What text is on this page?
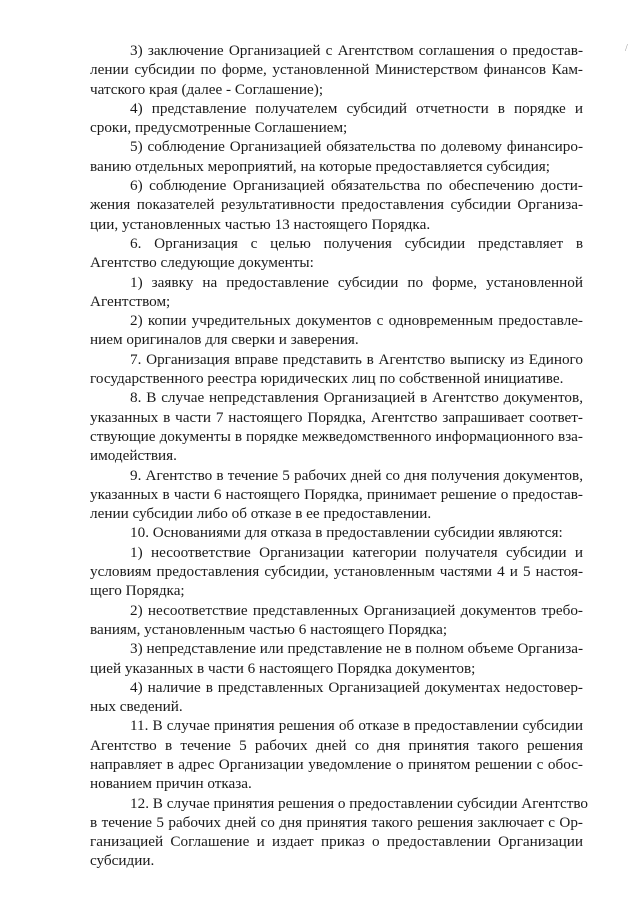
/
3) заключение Организацией с Агентством соглашения о предостав-
лении субсидии по форме, установленной Министерством финансов Кам-
чатского края (далее - Соглашение);
4) представление получателем субсидий отчетности в порядке и
сроки, предусмотренные Соглашением;
5) соблюдение Организацией обязательства по долевому финансиро-
ванию отдельных мероприятий, на которые предоставляется субсидия;
6) соблюдение Организацией обязательства по обеспечению дости-
жения показателей результативности предоставления субсидии Организа-
ции, установленных частью 13 настоящего Порядка.
6. Организация с целью получения субсидии представляет в
Агентство следующие документы:
1) заявку на предоставление субсидии по форме, установленной
Агентством;
2) копии учредительных документов с одновременным предоставле-
нием оригиналов для сверки и заверения.
7. Организация вправе представить в Агентство выписку из Единого
государственного реестра юридических лиц по собственной инициативе.
8. В случае непредставления Организацией в Агентство документов,
указанных в части 7 настоящего Порядка, Агентство запрашивает соответ-
ствующие документы в порядке межведомственного информационного вза-
имодействия.
9. Агентство в течение 5 рабочих дней со дня получения документов,
указанных в части 6 настоящего Порядка, принимает решение о предостав-
лении субсидии либо об отказе в ее предоставлении.
10. Основаниями для отказа в предоставлении субсидии являются:
1) несоответствие Организации категории получателя субсидии и
условиям предоставления субсидии, установленным частями 4 и 5 настоя-
щего Порядка;
2) несоответствие представленных Организацией документов требо-
ваниям, установленным частью 6 настоящего Порядка;
3) непредставление или представление не в полном объеме Организа-
цией указанных в части 6 настоящего Порядка документов;
4) наличие в представленных Организацией документах недостовер-
ных сведений.
11. В случае принятия решения об отказе в предоставлении субсидии
Агентство в течение 5 рабочих дней со дня принятия такого решения
направляет в адрес Организации уведомление о принятом решении с обос-
нованием причин отказа.
12. В случае принятия решения о предоставлении субсидии Агентство
в течение 5 рабочих дней со дня принятия такого решения заключает с Ор-
ганизацией Соглашение и издает приказ о предоставлении Организации
субсидии.
